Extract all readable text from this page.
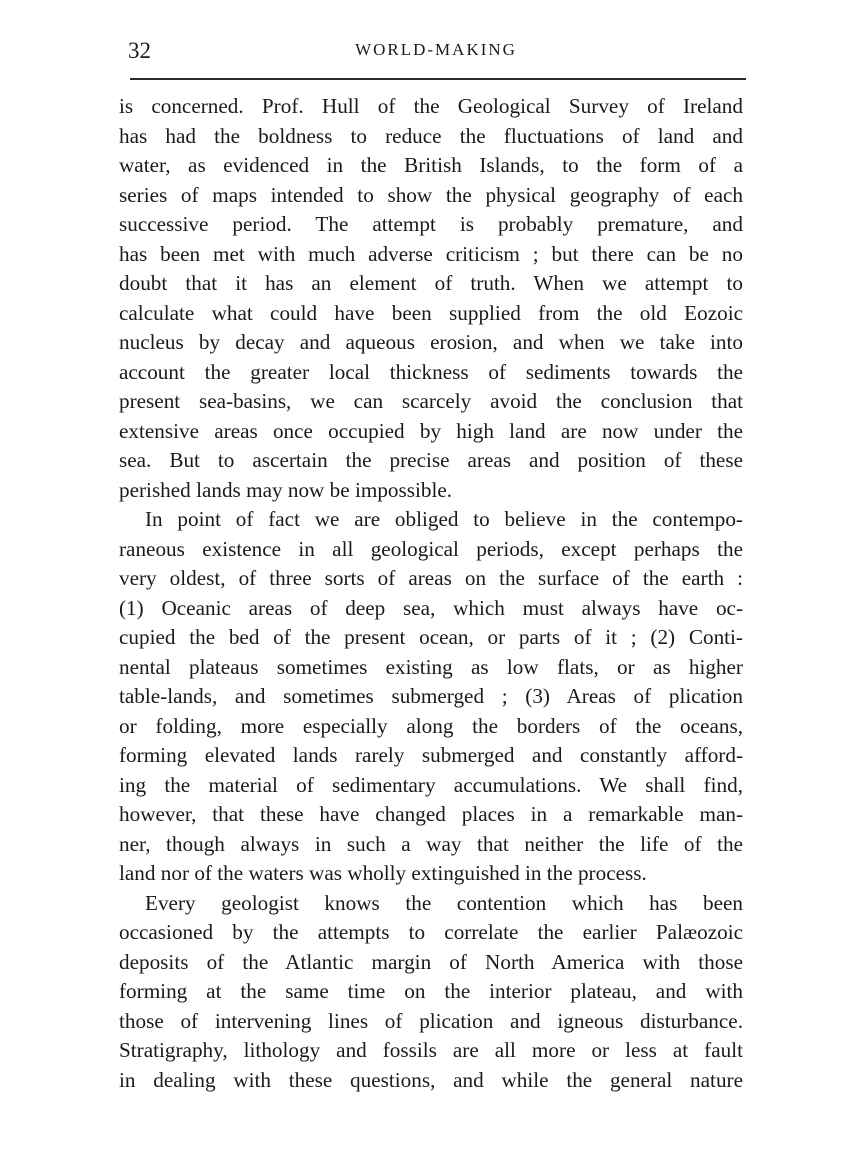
32	WORLD-MAKING
is concerned. Prof. Hull of the Geological Survey of Ireland
has had the boldness to reduce the fluctuations of land and
water, as evidenced in the British Islands, to the form of a
series of maps intended to show the physical geography of each
successive period. The attempt is probably premature, and
has been met with much adverse criticism ; but there can be no
doubt that it has an element of truth. When we attempt to
calculate what could have been supplied from the old Eozoic
nucleus by decay and aqueous erosion, and when we take into
account the greater local thickness of sediments towards the
present sea-basins, we can scarcely avoid the conclusion that
extensive areas once occupied by high land are now under the
sea. But to ascertain the precise areas and position of these
perished lands may now be impossible.
In point of fact we are obliged to believe in the contempo-
raneous existence in all geological periods, except perhaps the
very oldest, of three sorts of areas on the surface of the earth :
(1) Oceanic areas of deep sea, which must always have oc-
cupied the bed of the present ocean, or parts of it ; (2) Conti-
nental plateaus sometimes existing as low flats, or as higher
table-lands, and sometimes submerged ; (3) Areas of plication
or folding, more especially along the borders of the oceans,
forming elevated lands rarely submerged and constantly afford-
ing the material of sedimentary accumulations. We shall find,
however, that these have changed places in a remarkable man-
ner, though always in such a way that neither the life of the
land nor of the waters was wholly extinguished in the process.
Every geologist knows the contention which has been
occasioned by the attempts to correlate the earlier Palæozoic
deposits of the Atlantic margin of North America with those
forming at the same time on the interior plateau, and with
those of intervening lines of plication and igneous disturbance.
Stratigraphy, lithology and fossils are all more or less at fault
in dealing with these questions, and while the general nature
